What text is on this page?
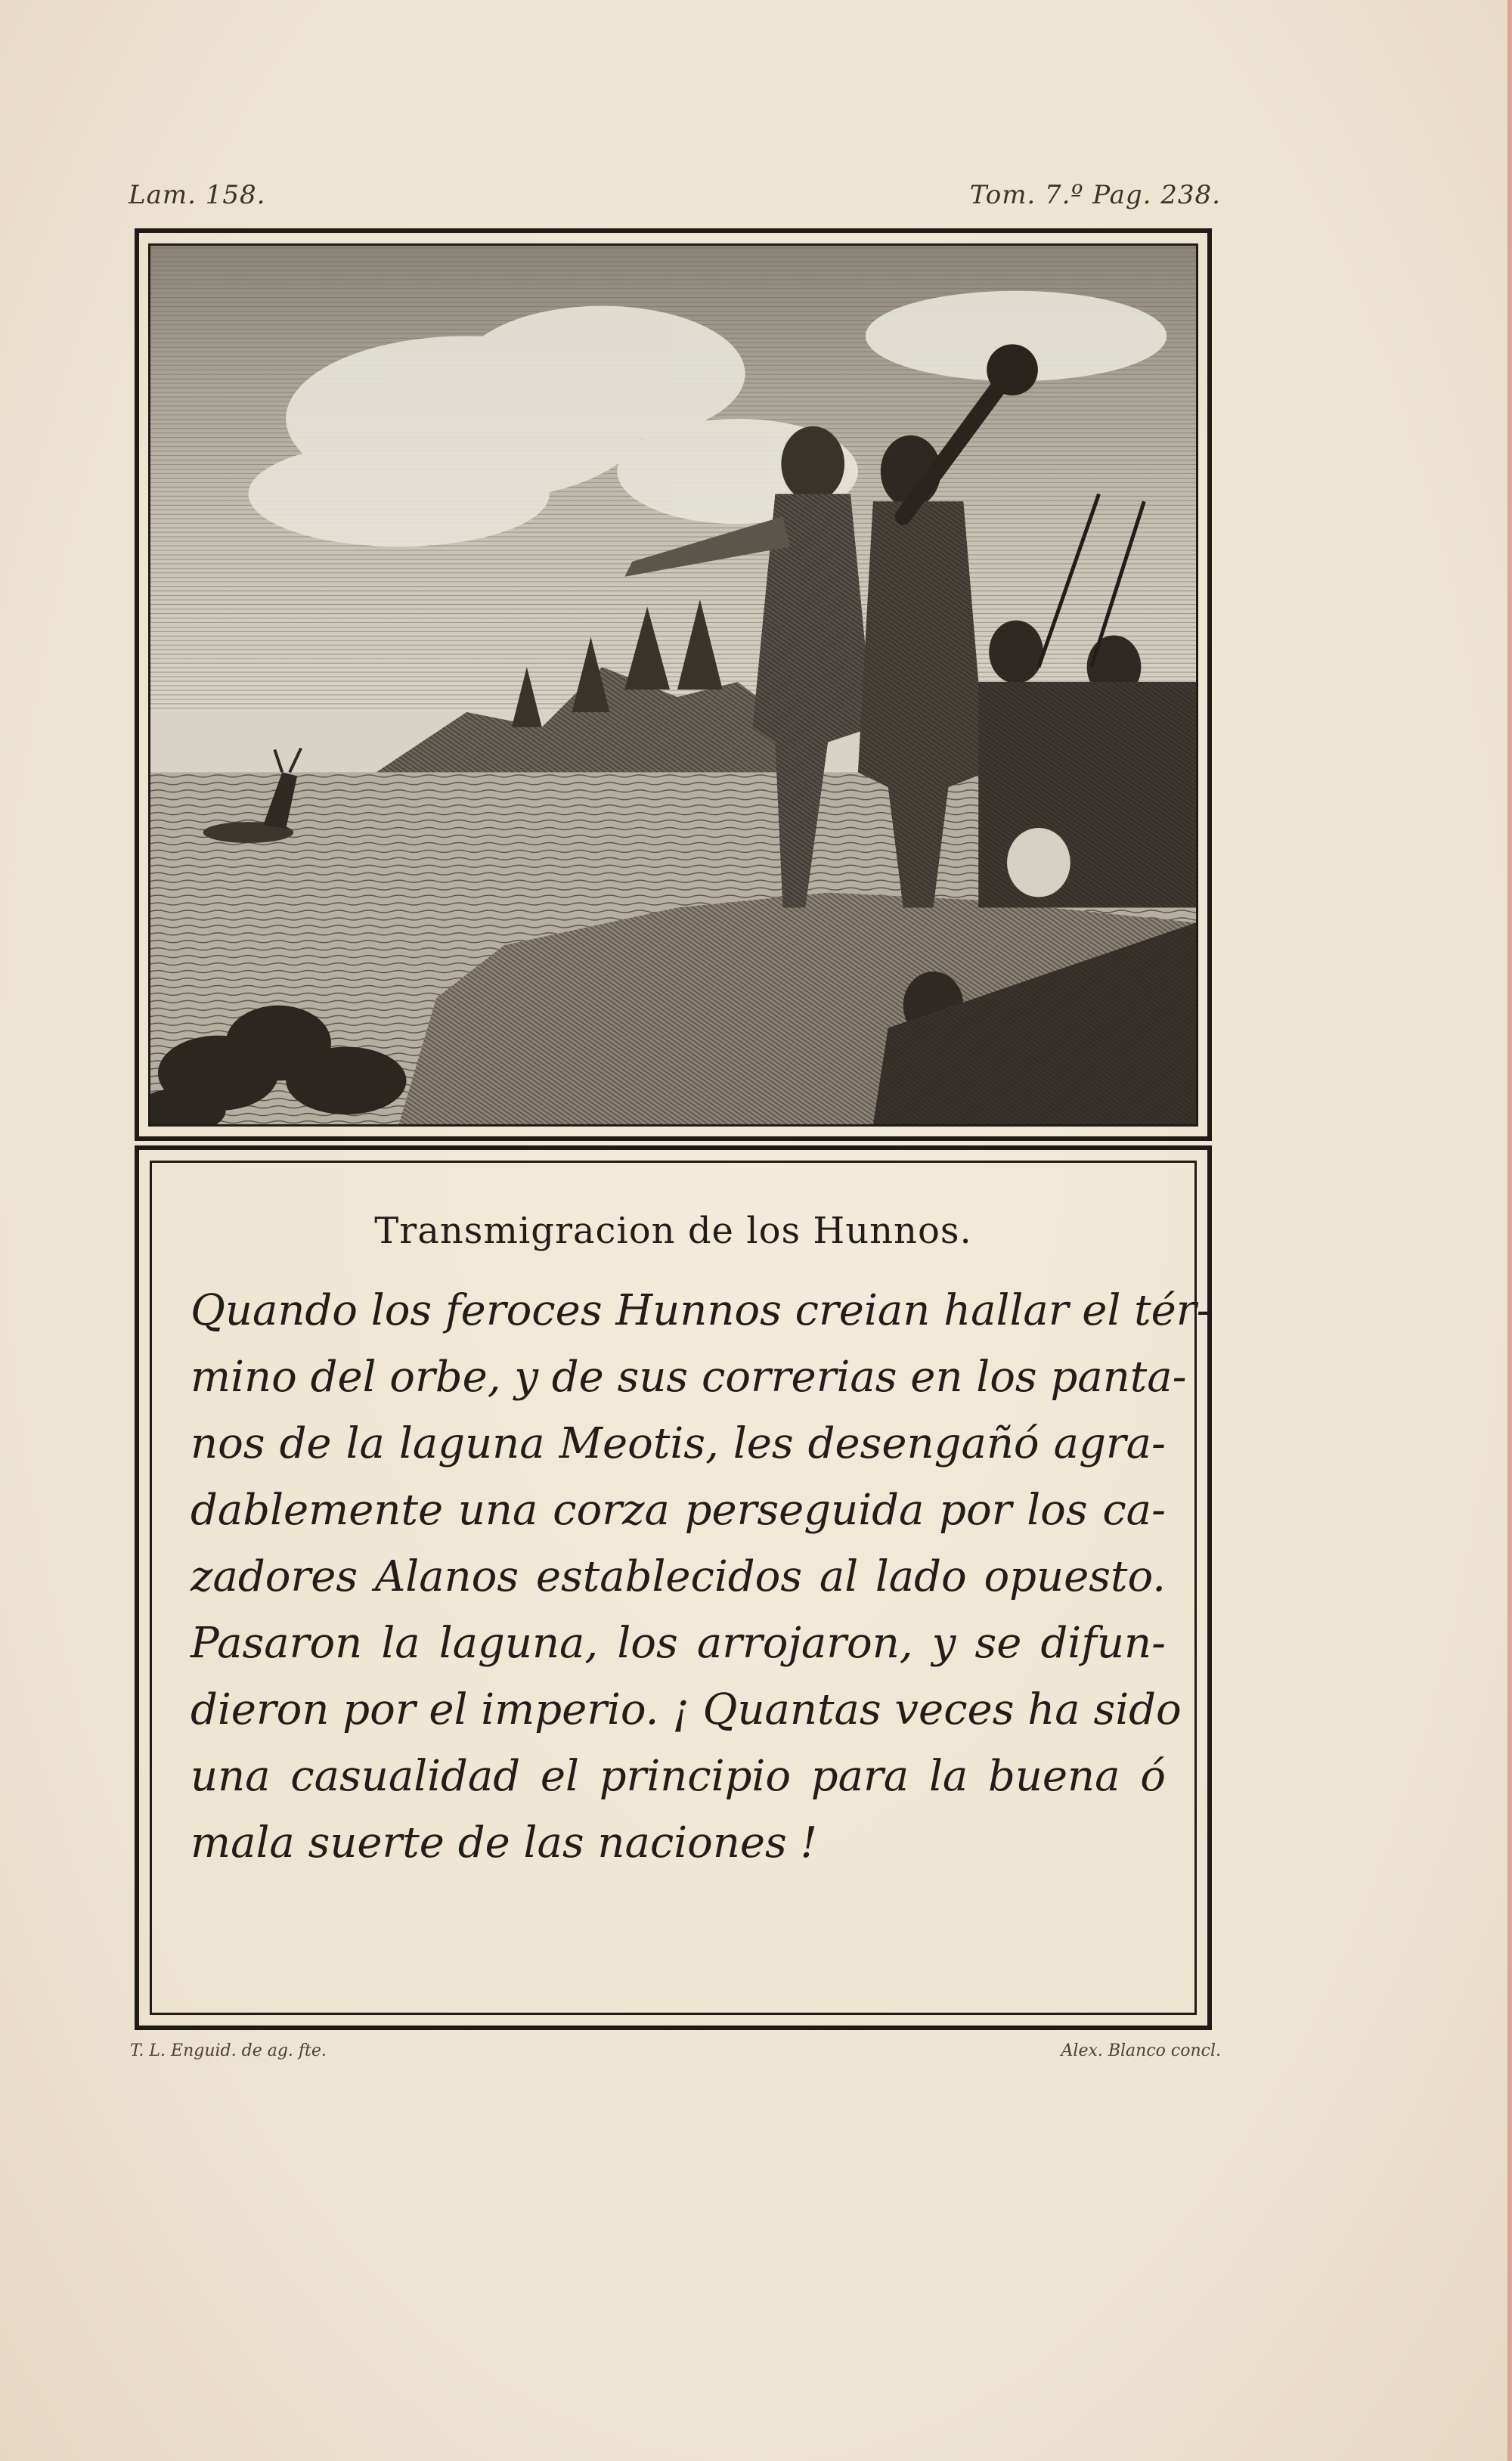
Lam. 158.	Tom. 7.º Pag. 238.
Transmigracion de los Hunnos.
Quando los feroces Hunnos creian hallar el tér-
mino del orbe, y de sus correrias en los panta-
nos de la laguna Meotis, les desengañó agra-
dablemente una corza perseguida por los ca-
zadores Alanos establecidos al lado opuesto.
Pasaron la laguna, los arrojaron, y se difun-
dieron por el imperio. ¡ Quantas veces ha sido
una casualidad el principio para la buena ó
mala suerte de las naciones !
T. L. Enguid. de ag. fte.	Alex. Blanco concl.
